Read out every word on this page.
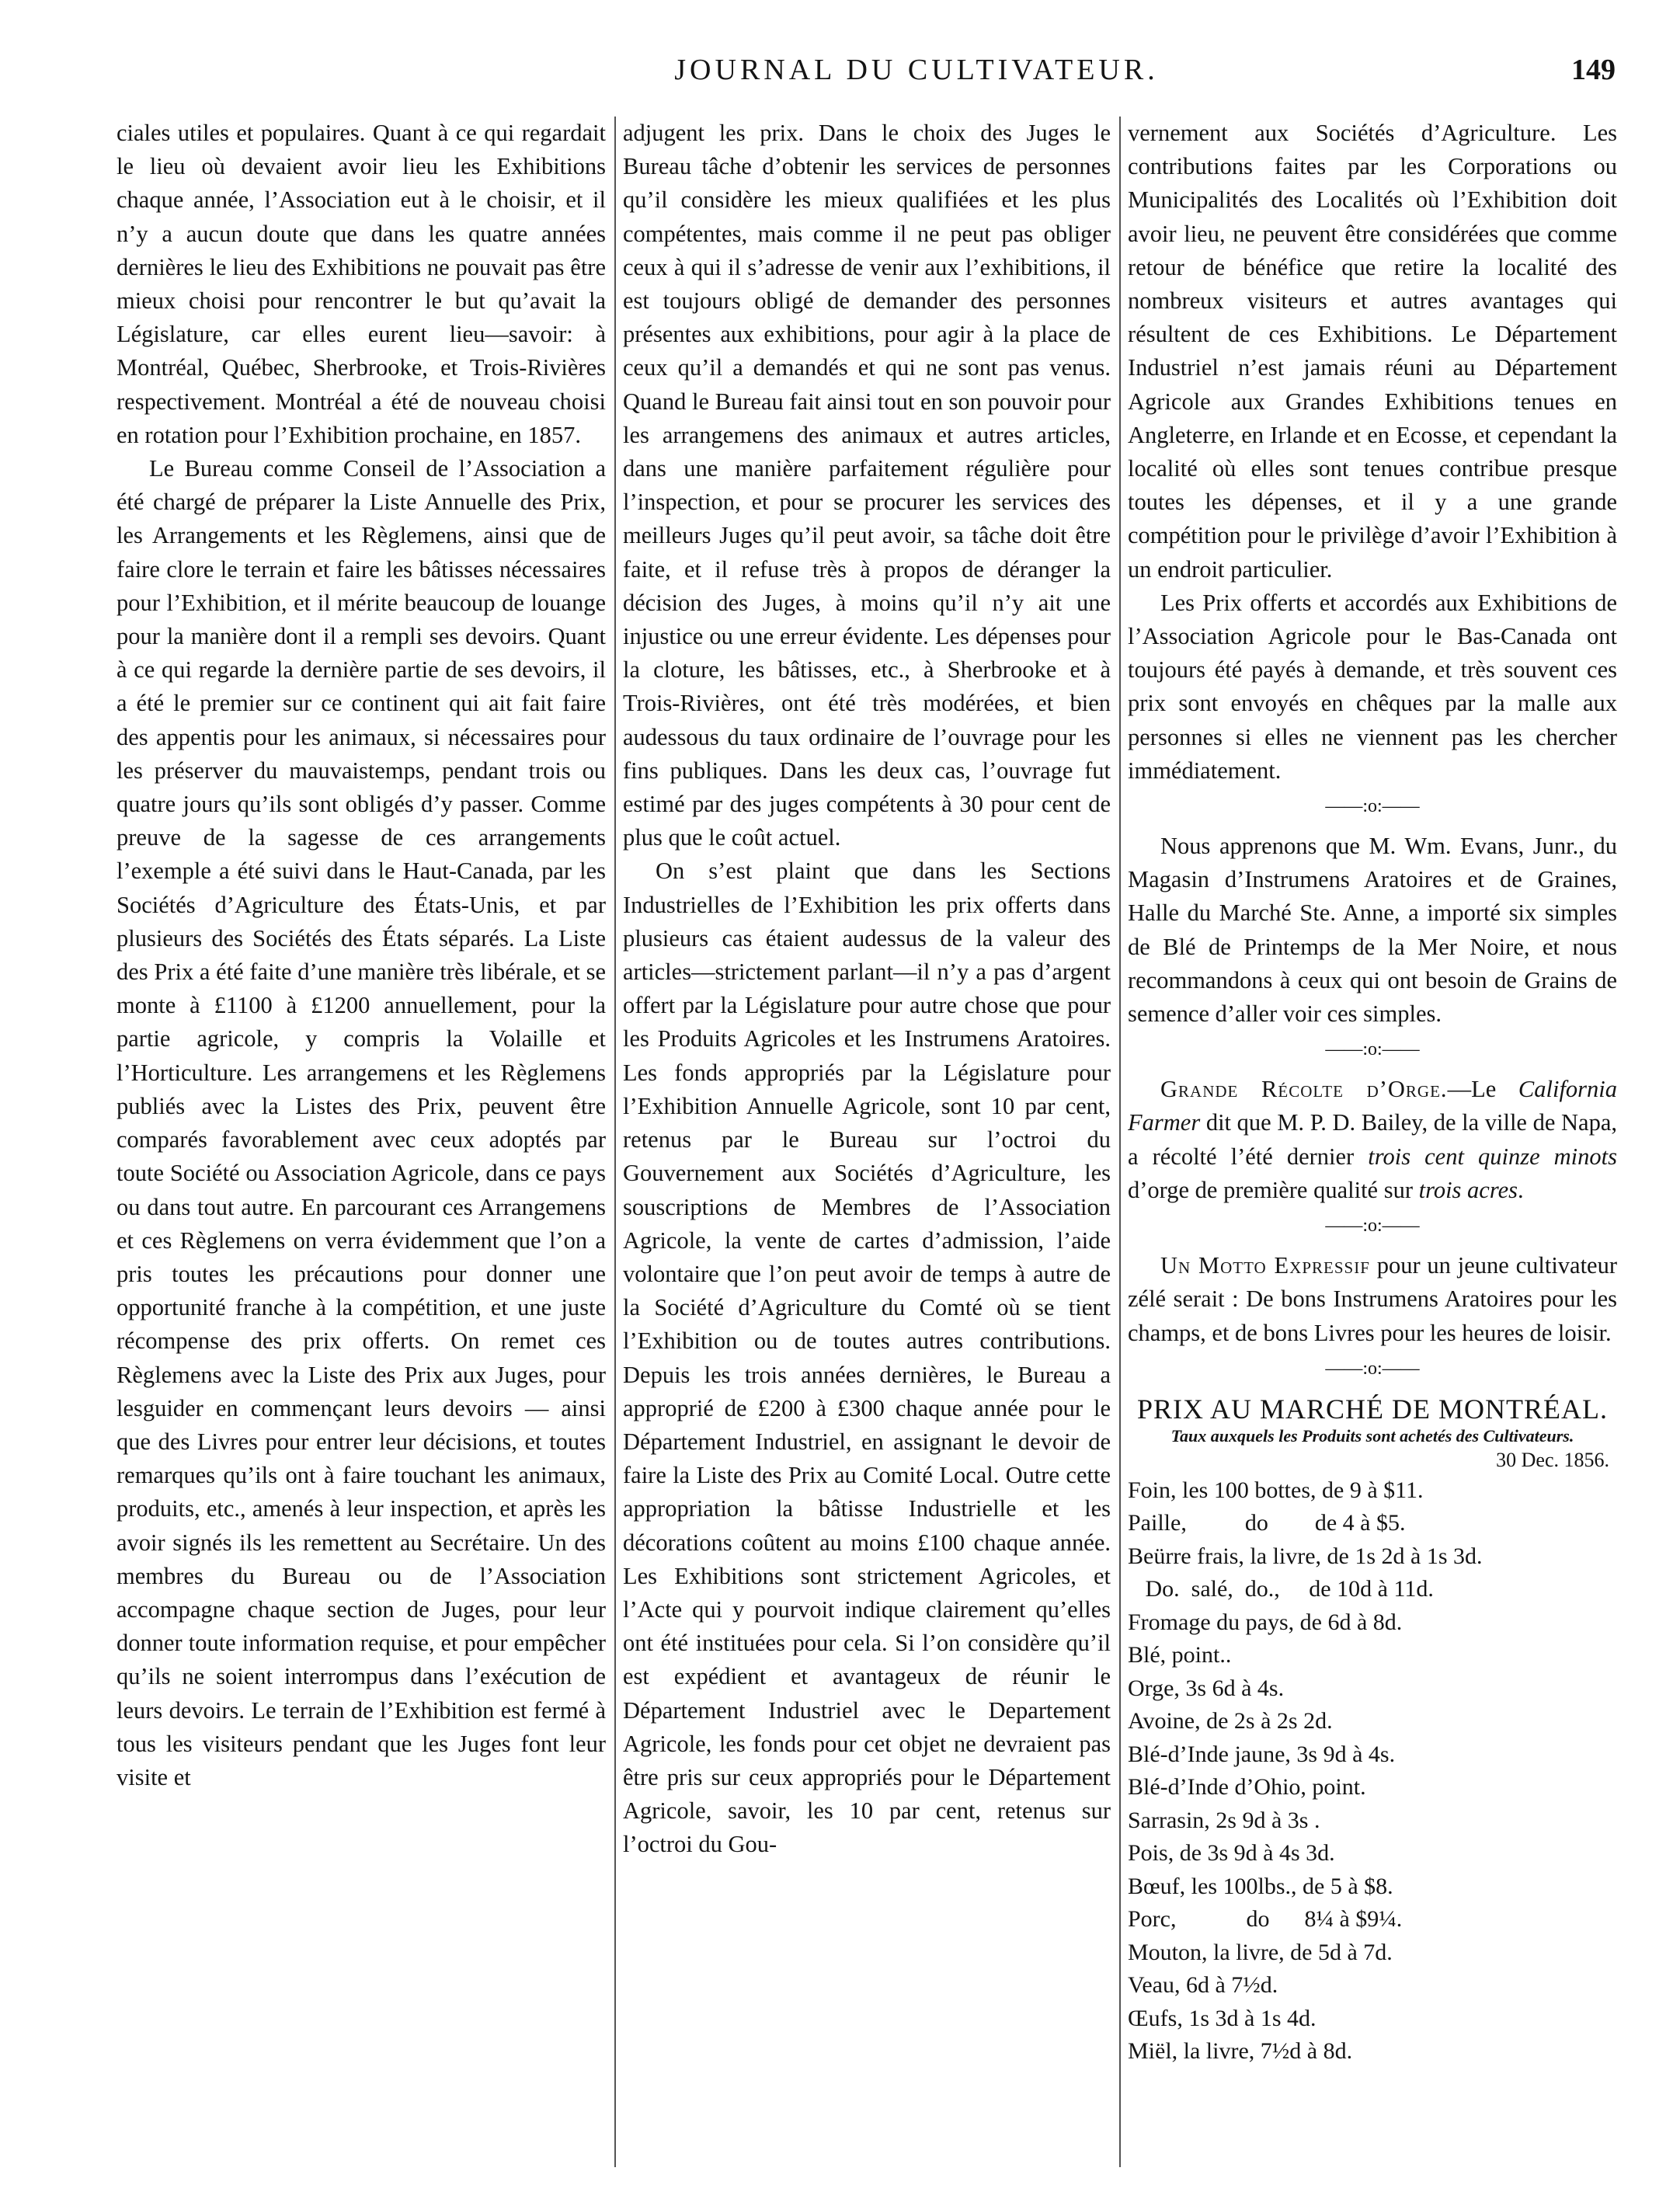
JOURNAL DU CULTIVATEUR.	149

ciales utiles et populaires. Quant à ce qui regardait le lieu où devaient avoir lieu les Exhibitions chaque année, l’Association eut à le choisir, et il n’y a aucun doute que dans les quatre années dernières le lieu des Exhibitions ne pouvait pas être mieux choisi pour rencontrer le but qu’avait la Législature, car elles eurent lieu—savoir: à Montréal, Québec, Sherbrooke, et Trois-Rivières respectivement. Montréal a été de nouveau choisi en rotation pour l’Exhibition prochaine, en 1857.

Le Bureau comme Conseil de l’Association a été chargé de préparer la Liste Annuelle des Prix, les Arrangements et les Règlemens, ainsi que de faire clore le terrain et faire les bâtisses nécessaires pour l’Exhibition, et il mérite beaucoup de louange pour la manière dont il a rempli ses devoirs. Quant à ce qui regarde la dernière partie de ses devoirs, il a été le premier sur ce continent qui ait fait faire des appentis pour les animaux, si nécessaires pour les préserver du mauvaistemps, pendant trois ou quatre jours qu’ils sont obligés d’y passer. Comme preuve de la sagesse de ces arrangements l’exemple a été suivi dans le Haut-Canada, par les Sociétés d’Agriculture des États-Unis, et par plusieurs des Sociétés des États séparés. La Liste des Prix a été faite d’une manière très libérale, et se monte à £1100 à £1200 annuellement, pour la partie agricole, y compris la Volaille et l’Horticulture. Les arrangemens et les Règlemens publiés avec la Listes des Prix, peuvent être comparés favorablement avec ceux adoptés par toute Société ou Association Agricole, dans ce pays ou dans tout autre. En parcourant ces Arrangemens et ces Règlemens on verra évidemment que l’on a pris toutes les précautions pour donner une opportunité franche à la compétition, et une juste récompense des prix offerts. On remet ces Règlemens avec la Liste des Prix aux Juges, pour lesguider en commençant leurs devoirs — ainsi que des Livres pour entrer leur décisions, et toutes remarques qu’ils ont à faire touchant les animaux, produits, etc., amenés à leur inspection, et après les avoir signés ils les remettent au Secrétaire. Un des membres du Bureau ou de l’Association accompagne chaque section de Juges, pour leur donner toute information requise, et pour empêcher qu’ils ne soient interrompus dans l’exécution de leurs devoirs. Le terrain de l’Exhibition est fermé à tous les visiteurs pendant que les Juges font leur visite et

adjugent les prix. Dans le choix des Juges le Bureau tâche d’obtenir les services de personnes qu’il considère les mieux qualifiées et les plus compétentes, mais comme il ne peut pas obliger ceux à qui il s’adresse de venir aux l’exhibitions, il est toujours obligé de demander des personnes présentes aux exhibitions, pour agir à la place de ceux qu’il a demandés et qui ne sont pas venus. Quand le Bureau fait ainsi tout en son pouvoir pour les arrangemens des animaux et autres articles, dans une manière parfaitement régulière pour l’inspection, et pour se procurer les services des meilleurs Juges qu’il peut avoir, sa tâche doit être faite, et il refuse très à propos de déranger la décision des Juges, à moins qu’il n’y ait une injustice ou une erreur évidente. Les dépenses pour la cloture, les bâtisses, etc., à Sherbrooke et à Trois-Rivières, ont été très modérées, et bien audessous du taux ordinaire de l’ouvrage pour les fins publiques. Dans les deux cas, l’ouvrage fut estimé par des juges compétents à 30 pour cent de plus que le coût actuel.

On s’est plaint que dans les Sections Industrielles de l’Exhibition les prix offerts dans plusieurs cas étaient audessus de la valeur des articles—strictement parlant—il n’y a pas d’argent offert par la Législature pour autre chose que pour les Produits Agricoles et les Instrumens Aratoires. Les fonds appropriés par la Législature pour l’Exhibition Annuelle Agricole, sont 10 par cent, retenus par le Bureau sur l’octroi du Gouvernement aux Sociétés d’Agriculture, les souscriptions de Membres de l’Association Agricole, la vente de cartes d’admission, l’aide volontaire que l’on peut avoir de temps à autre de la Société d’Agriculture du Comté où se tient l’Exhibition ou de toutes autres contributions. Depuis les trois années dernières, le Bureau a approprié de £200 à £300 chaque année pour le Département Industriel, en assignant le devoir de faire la Liste des Prix au Comité Local. Outre cette appropriation la bâtisse Industrielle et les décorations coûtent au moins £100 chaque année. Les Exhibitions sont strictement Agricoles, et l’Acte qui y pourvoit indique clairement qu’elles ont été instituées pour cela. Si l’on considère qu’il est expédient et avantageux de réunir le Département Industriel avec le Departement Agricole, les fonds pour cet objet ne devraient pas être pris sur ceux appropriés pour le Département Agricole, savoir, les 10 par cent, retenus sur l’octroi du Gou-

vernement aux Sociétés d’Agriculture. Les contributions faites par les Corporations ou Municipalités des Localités où l’Exhibition doit avoir lieu, ne peuvent être considérées que comme retour de bénéfice que retire la localité des nombreux visiteurs et autres avantages qui résultent de ces Exhibitions. Le Département Industriel n’est jamais réuni au Département Agricole aux Grandes Exhibitions tenues en Angleterre, en Irlande et en Ecosse, et cependant la localité où elles sont tenues contribue presque toutes les dépenses, et il y a une grande compétition pour le privilège d’avoir l’Exhibition à un endroit particulier.

Les Prix offerts et accordés aux Exhibitions de l’Association Agricole pour le Bas-Canada ont toujours été payés à demande, et très souvent ces prix sont envoyés en chêques par la malle aux personnes si elles ne viennent pas les chercher immédiatement.

——:o:——

Nous apprenons que M. Wm. Evans, Junr., du Magasin d’Instrumens Aratoires et de Graines, Halle du Marché Ste. Anne, a importé six simples de Blé de Printemps de la Mer Noire, et nous recommandons à ceux qui ont besoin de Grains de semence d’aller voir ces simples.

——:o:——

Grande Récolte d’Orge.—Le California Farmer dit que M. P. D. Bailey, de la ville de Napa, a récolté l’été dernier trois cent quinze minots d’orge de première qualité sur trois acres.

——:o:——

Un Motto Expressif pour un jeune cultivateur zélé serait : De bons Instrumens Aratoires pour les champs, et de bons Livres pour les heures de loisir.

——:o:——
PRIX AU MARCHÉ DE MONTRÉAL.
Taux auxquels les Produits sont achetés des Cultivateurs.
30 Dec. 1856.
Foin, les 100 bottes, de 9 à $11.
Paille,          do        de 4 à $5.
Beürre frais, la livre, de 1s 2d à 1s 3d.
Do.  salé,  do.,     de 10d à 11d.
Fromage du pays, de 6d à 8d.
Blé, point..
Orge, 3s 6d à 4s.
Avoine, de 2s à 2s 2d.
Blé-d’Inde jaune, 3s 9d à 4s.
Blé-d’Inde d’Ohio, point.
Sarrasin, 2s 9d à 3s .
Pois, de 3s 9d à 4s 3d.
Bœuf, les 100lbs., de 5 à $8.
Porc,            do      8¼ à $9¼.
Mouton, la livre, de 5d à 7d.
Veau, 6d à 7½d.
Œufs, 1s 3d à 1s 4d.
Miël, la livre, 7½d à 8d.
